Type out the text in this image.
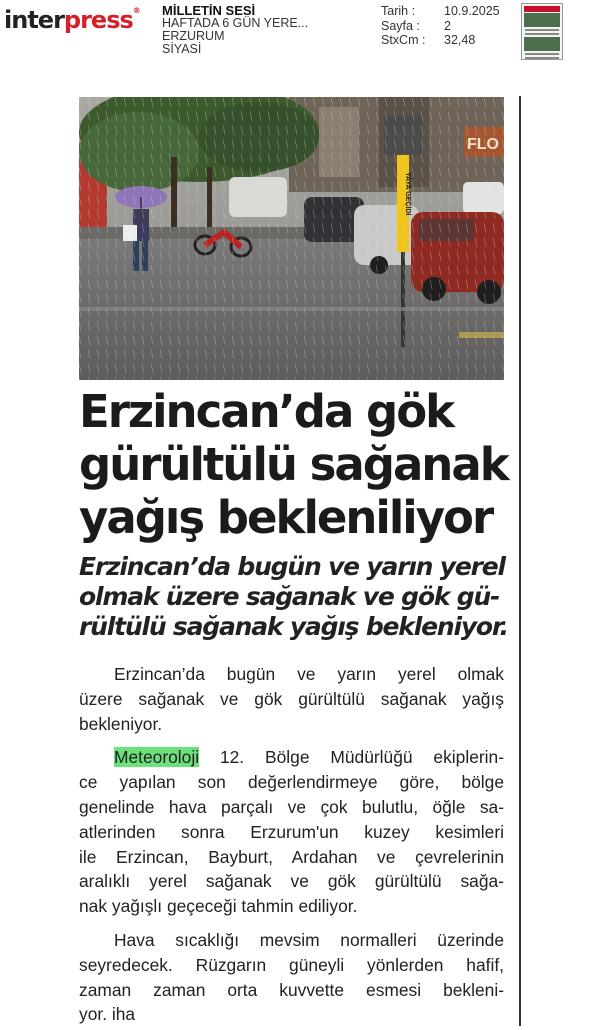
interpress® MİLLETİN SESİ
HAFTADA 6 GÜN YERE...
ERZURUM
SİYASİ
Tarih :	10.9.2025
Sayfa :	2
StxCm :	32,48
Erzincan’da gök
gürültülü sağanak
yağış bekleniliyor
Erzincan’da bugün ve yarın yerel
olmak üzere sağanak ve gök gü-
rültülü sağanak yağış bekleniyor.
Erzincan’da bugün ve yarın yerel olmak
üzere sağanak ve gök gürültülü sağanak yağış
bekleniyor.
Meteoroloji 12. Bölge Müdürlüğü ekiplerin-
ce yapılan son değerlendirmeye göre, bölge
genelinde hava parçalı ve çok bulutlu, öğle sa-
atlerinden sonra Erzurum'un kuzey kesimleri
ile Erzincan, Bayburt, Ardahan ve çevrelerinin
aralıklı yerel sağanak ve gök gürültülü sağa-
nak yağışlı geçeceği tahmin ediliyor.
Hava sıcaklığı mevsim normalleri üzerinde
seyredecek. Rüzgarın güneyli yönlerden hafif,
zaman zaman orta kuvvette esmesi bekleni-
yor. iha
